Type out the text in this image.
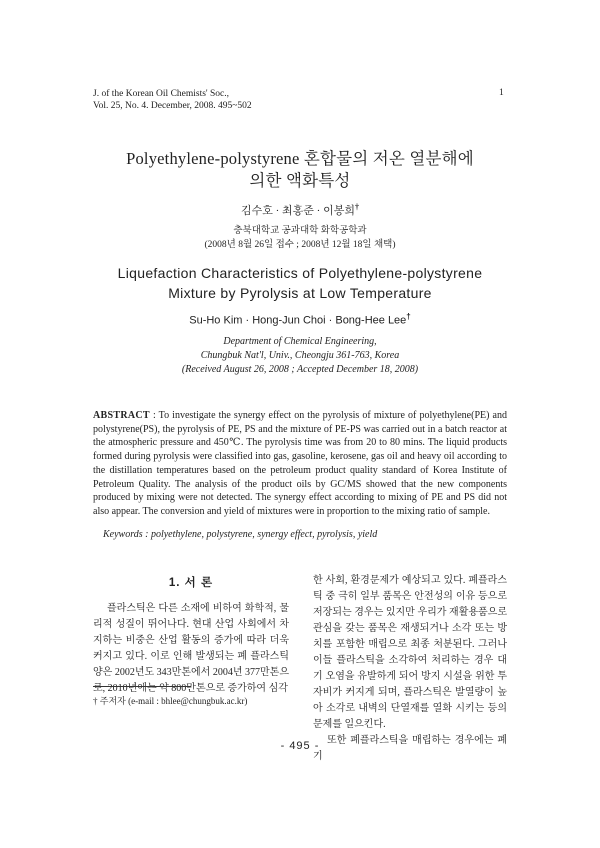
J. of the Korean Oil Chemists' Soc.,
Vol. 25, No. 4. December, 2008. 495~502
1
Polyethylene-polystyrene 혼합물의 저온 열분해에
의한 액화특성
김수호 · 최홍준 · 이봉희†
충북대학교 공과대학 화학공학과
(2008년 8월 26일 접수 ; 2008년 12월 18일 채택)
Liquefaction Characteristics of Polyethylene-polystyrene
Mixture by Pyrolysis at Low Temperature
Su-Ho Kim · Hong-Jun Choi · Bong-Hee Lee†
Department of Chemical Engineering,
Chungbuk Nat'l, Univ., Cheongju 361-763, Korea
(Received August 26, 2008 ; Accepted December 18, 2008)
ABSTRACT : To investigate the synergy effect on the pyrolysis of mixture of polyethylene(PE) and polystyrene(PS), the pyrolysis of PE, PS and the mixture of PE-PS was carried out in a batch reactor at the atmospheric pressure and 450℃. The pyrolysis time was from 20 to 80 mins. The liquid products formed during pyrolysis were classified into gas, gasoline, kerosene, gas oil and heavy oil according to the distillation temperatures based on the petroleum product quality standard of Korea Institute of Petroleum Quality. The analysis of the product oils by GC/MS showed that the new components produced by mixing were not detected. The synergy effect according to mixing of PE and PS did not also appear. The conversion and yield of mixtures were in proportion to the mixing ratio of sample.
Keywords : polyethylene, polystyrene, synergy effect, pyrolysis, yield
1. 서 론
플라스틱은 다른 소재에 비하여 화학적, 물리적 성질이 뛰어나다. 현대 산업 사회에서 차지하는 비중은 산업 활동의 증가에 따라 더욱 커지고 있다. 이로 인해 발생되는 폐 플라스틱 양은 2002년도 343만톤에서 2004년 377만톤으로, 2010년에는 약 800만톤으로 증가하여 심각
한 사회, 환경문제가 예상되고 있다. 폐플라스틱 중 극히 일부 품목은 안전성의 이유 등으로 저장되는 경우는 있지만 우리가 재활용품으로 관심을 갖는 품목은 재생되거나 소각 또는 방치를 포함한 매립으로 최종 처분된다. 그러나 이들 플라스틱을 소각하여 처리하는 경우 대기 오염을 유발하게 되어 방지 시설을 위한 투자비가 커지게 되며, 플라스틱은 발열량이 높아 소각로 내벽의 단열재를 열화 시키는 등의 문제를 일으킨다.
또한 폐플라스틱을 매립하는 경우에는 폐기
† 주저자 (e-mail : bhlee@chungbuk.ac.kr)
- 495 -
